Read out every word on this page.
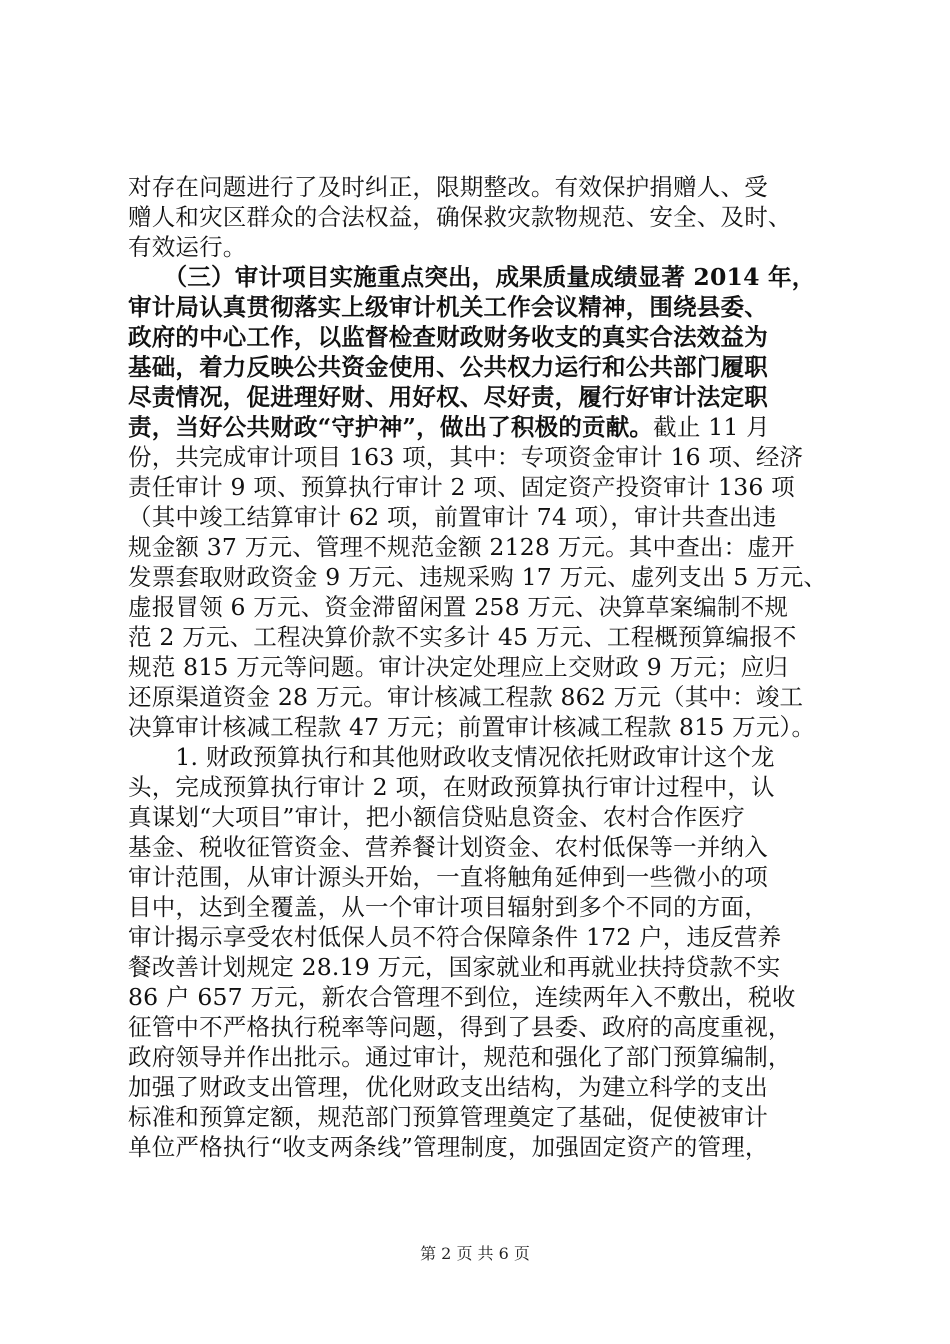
对存在问题进行了及时纠正，限期整改。有效保护捐赠人、受
赠人和灾区群众的合法权益，确保救灾款物规范、安全、及时、
有效运行。
　　（三）审计项目实施重点突出，成果质量成绩显著 2014 年，
审计局认真贯彻落实上级审计机关工作会议精神，围绕县委、
政府的中心工作，以监督检查财政财务收支的真实合法效益为
基础，着力反映公共资金使用、公共权力运行和公共部门履职
尽责情况，促进理好财、用好权、尽好责，履行好审计法定职
责，当好公共财政“守护神”，做出了积极的贡献。截止 11 月
份，共完成审计项目 163 项，其中：专项资金审计 16 项、经济
责任审计 9 项、预算执行审计 2 项、固定资产投资审计 136 项
（其中竣工结算审计 62 项，前置审计 74 项），审计共查出违
规金额 37 万元、管理不规范金额 2128 万元。其中查出：虚开
发票套取财政资金 9 万元、违规采购 17 万元、虚列支出 5 万元、
虚报冒领 6 万元、资金滞留闲置 258 万元、决算草案编制不规
范 2 万元、工程决算价款不实多计 45 万元、工程概预算编报不
规范 815 万元等问题。审计决定处理应上交财政 9 万元；应归
还原渠道资金 28 万元。审计核减工程款 862 万元（其中：竣工
决算审计核减工程款 47 万元；前置审计核减工程款 815 万元）。
　　1. 财政预算执行和其他财政收支情况依托财政审计这个龙
头，完成预算执行审计 2 项，在财政预算执行审计过程中，认
真谋划“大项目”审计，把小额信贷贴息资金、农村合作医疗
基金、税收征管资金、营养餐计划资金、农村低保等一并纳入
审计范围，从审计源头开始，一直将触角延伸到一些微小的项
目中，达到全覆盖，从一个审计项目辐射到多个不同的方面，
审计揭示享受农村低保人员不符合保障条件 172 户，违反营养
餐改善计划规定 28.19 万元，国家就业和再就业扶持贷款不实
86 户 657 万元，新农合管理不到位，连续两年入不敷出，税收
征管中不严格执行税率等问题，得到了县委、政府的高度重视，
政府领导并作出批示。通过审计，规范和强化了部门预算编制，
加强了财政支出管理，优化财政支出结构，为建立科学的支出
标准和预算定额，规范部门预算管理奠定了基础，促使被审计
单位严格执行“收支两条线”管理制度，加强固定资产的管理，
第 2 页 共 6 页
